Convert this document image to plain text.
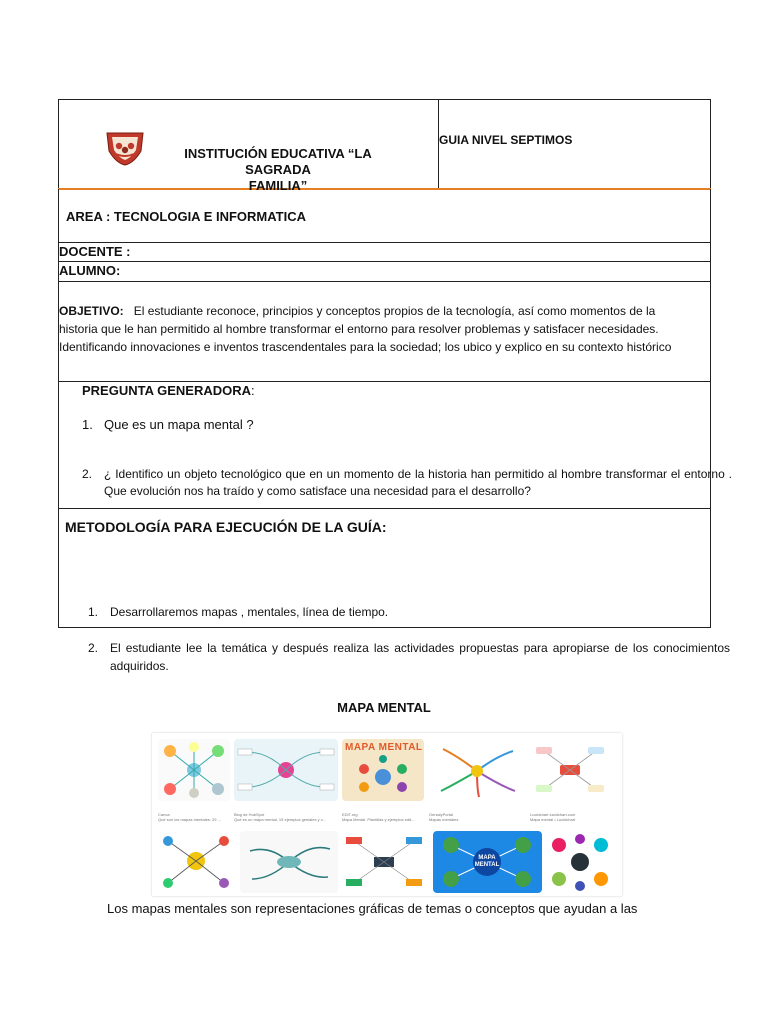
INSTITUCIÓN EDUCATIVA “LA SAGRADA
FAMILIA”
GUIA NIVEL SEPTIMOS
AREA : TECNOLOGIA E INFORMATICA
DOCENTE :
ALUMNO:
OBJETIVO: El estudiante reconoce, principios y conceptos propios de la tecnología, así como momentos de la
historia que le han permitido al hombre transformar el entorno para resolver problemas y satisfacer necesidades.
Identificando innovaciones e inventos trascendentales para la sociedad; los ubico y explico en su contexto histórico
PREGUNTA GENERADORA:
1. Que es un mapa mental ?
2. ¿ Identifico un objeto tecnológico que en un momento de la historia han permitido al hombre transformar el entorno . Que evolución nos ha traído y como satisface una necesidad para el desarrollo?
METODOLOGÍA PARA EJECUCIÓN DE LA GUÍA:
1. Desarrollaremos mapas , mentales, línea de tiempo.
2. El estudiante lee la temática y después realiza las actividades propuestas para apropiarse de los conocimientos adquiridos.
MAPA MENTAL
MAPA MENTAL
Canva
Qué son los mapas mentales: 29 ...
Blog de HubSpot
Qué es un mapa mental, 15 ejemplos geniales y c...
EDIT.org
Mapa Mental. Plantillas y ejemplos edit...
GenialyPortal
Mapas mentales
Lucidchart lucidchart.com
Mapa mental • Lucidchart
MAPA MENTAL
Los mapas mentales son representaciones gráficas de temas o conceptos que ayudan a las
